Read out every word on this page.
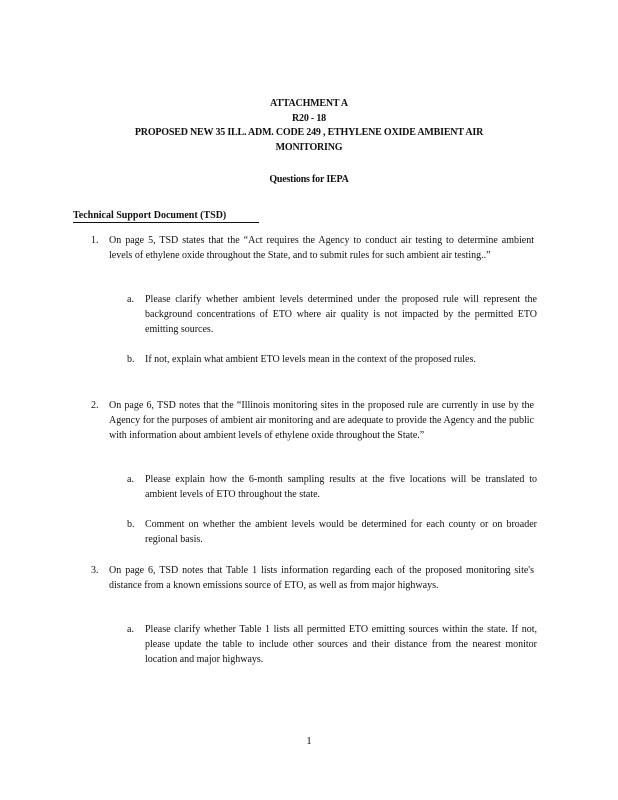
ATTACHMENT A
R20 - 18
PROPOSED NEW 35 ILL. ADM. CODE 249 , ETHYLENE OXIDE AMBIENT AIR
MONITORING
Questions for IEPA
Technical Support Document (TSD)
1. On page 5, TSD states that the “Act requires the Agency to conduct air testing to determine ambient levels of ethylene oxide throughout the State, and to submit rules for such ambient air testing..”
a. Please clarify whether ambient levels determined under the proposed rule will represent the background concentrations of ETO where air quality is not impacted by the permitted ETO emitting sources.
b. If not, explain what ambient ETO levels mean in the context of the proposed rules.
2. On page 6, TSD notes that the “Illinois monitoring sites in the proposed rule are currently in use by the Agency for the purposes of ambient air monitoring and are adequate to provide the Agency and the public with information about ambient levels of ethylene oxide throughout the State.”
a. Please explain how the 6-month sampling results at the five locations will be translated to ambient levels of ETO throughout the state.
b. Comment on whether the ambient levels would be determined for each county or on broader regional basis.
3. On page 6, TSD notes that Table 1 lists information regarding each of the proposed monitoring site's distance from a known emissions source of ETO, as well as from major highways.
a. Please clarify whether Table 1 lists all permitted ETO emitting sources within the state. If not, please update the table to include other sources and their distance from the nearest monitor location and major highways.
1
